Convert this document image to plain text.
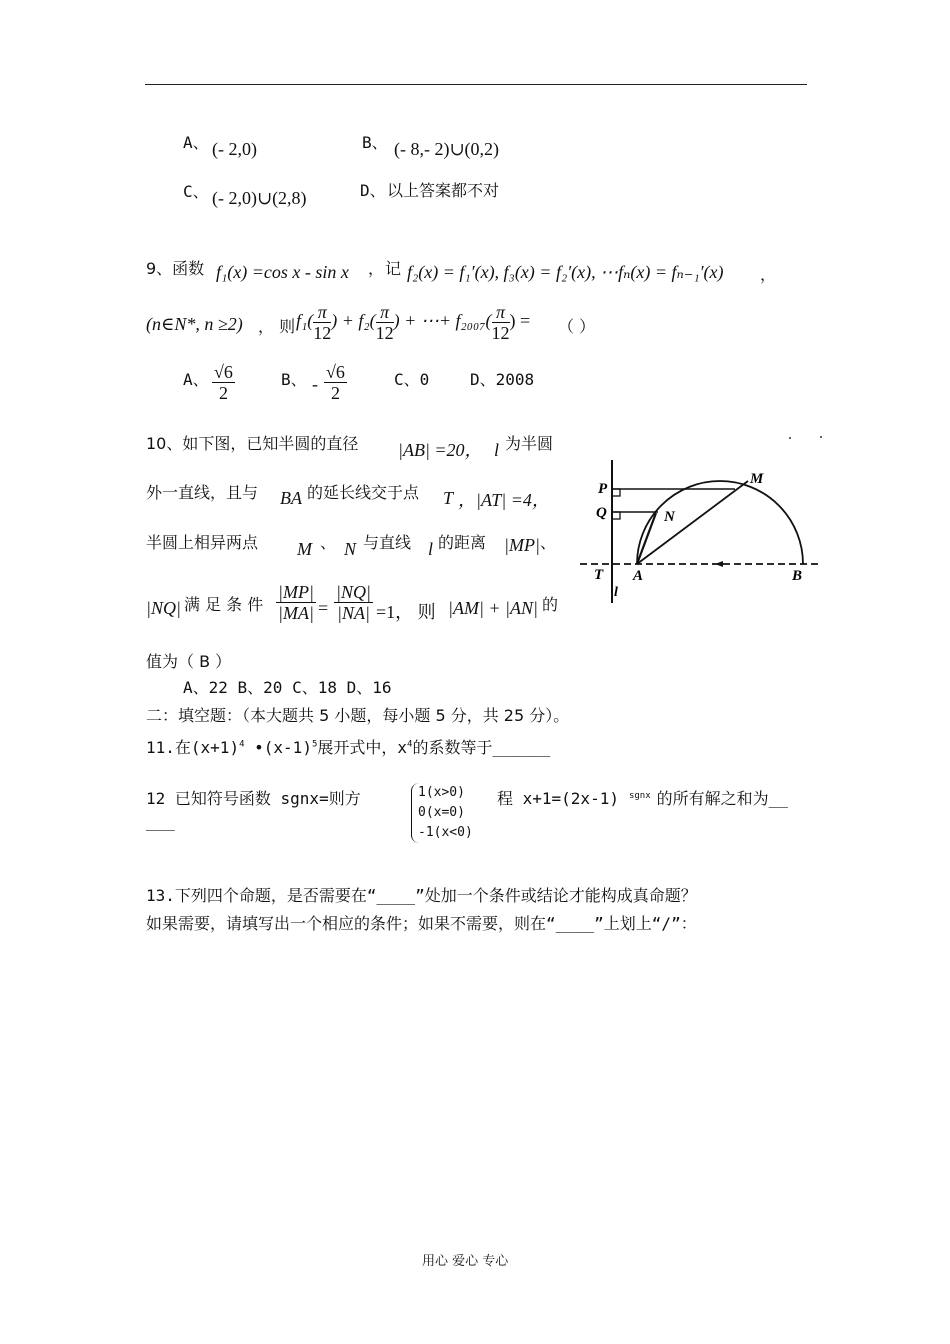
A、 (- 2,0)	B、 (- 8,- 2)∪(0,2)
C、 (- 2,0)∪(2,8)	D、 以上答案都不对
9、函数 f₁(x) =cos x - sin x ， 记 f₂(x) = f₁′(x), f₃(x) = f₂′(x), ⋯fₙ(x) = fₙ₋₁′(x) ，
(n∈N*, n ≥2) ， 则 $f_1( \frac{\pi}{12}$ ) + $f_2( \frac{\pi}{12}$ ) + ⋯+ $f_{2007}( \frac{\pi}{12}$ ) = （ ）
A、 $\frac{√6}{2}$	B、 - $\frac{√6}{2}$	C、0	D、2008
10、如下图，已知半圆的直径 |AB| =20， l 为半圆
外一直线，且与 BA 的延长线交于点 T ，|AT| =4，
半圆上相异两点 M 、 N 与直线 l 的距离 |MP| 、
|NQ| 满 足 条 件 $\frac{|MP|}{|MA|} = \frac{|NQ|}{|NA|} =1$， 则 |AM| + |AN| 的
值为（ B ）
A、22 B、20 C、18 D、16
P
Q	N
M
T A	B
l
二：填空题：（本大题共 5 小题，每小题 5 分，共 25 分）。
11.在$(x+1)^4$ $•(x-1)^5$展开式中，$x^4$的系数等于______
12 已知符号函数 sgnx=则方	1(x>0)
0(x=0)
-1(x<0)
程 x+1=(2x-1) $^{sgnx}$ 的所有解之和为__
___
13.下列四个命题，是否需要在“____”处加一个条件或结论才能构成真命题？
如果需要，请填写出一个相应的条件；如果不需要，则在“____”上划上“/”：
用心 爱心 专心
